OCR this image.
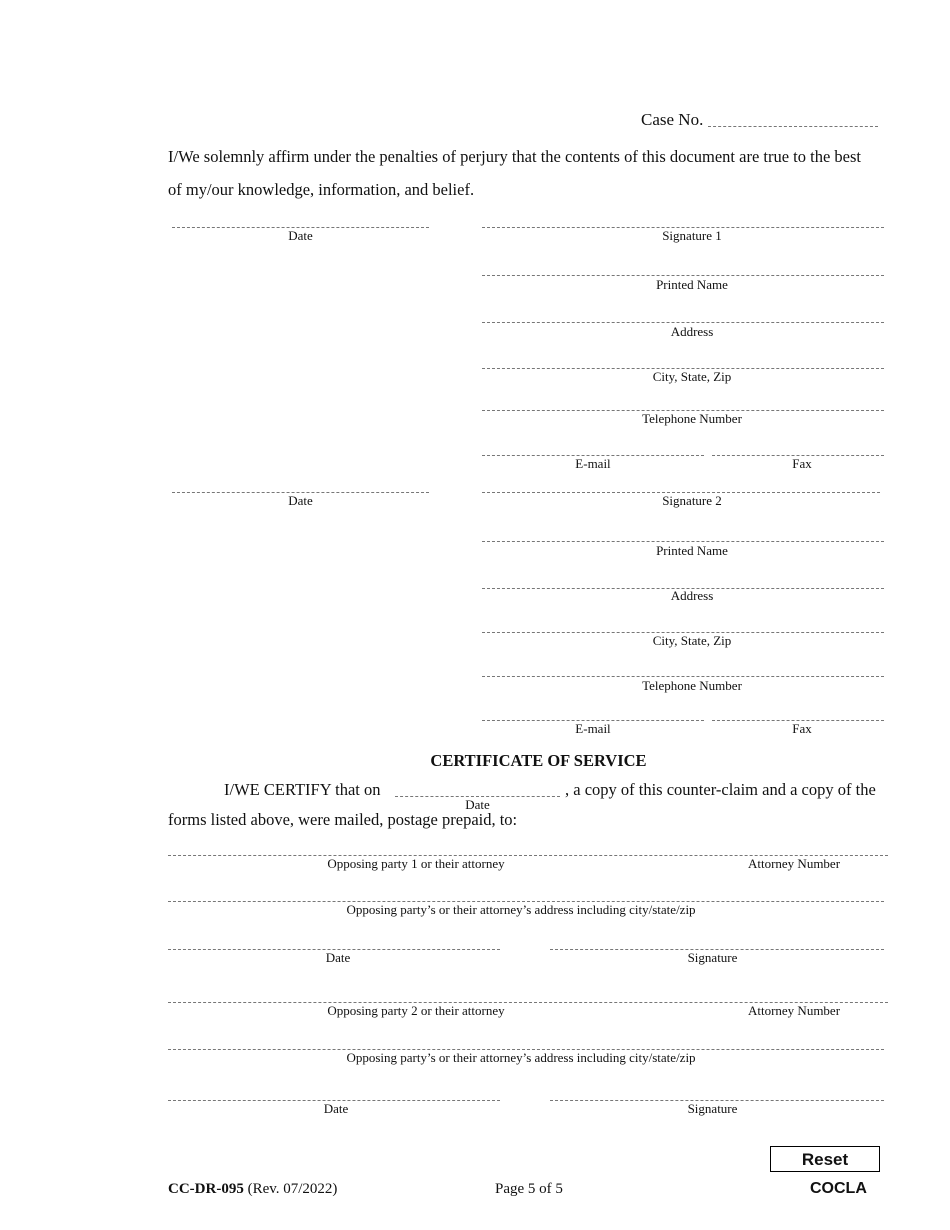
Case No.
I/We solemnly affirm under the penalties of perjury that the contents of this document are true to the best
of my/our knowledge, information, and belief.
Date	Signature 1
Printed Name
Address
City, State, Zip
Telephone Number
E-mail	Fax
Date	Signature 2
Printed Name
Address
City, State, Zip
Telephone Number
E-mail	Fax
CERTIFICATE OF SERVICE
I/WE CERTIFY that on
Date
, a copy of this counter-claim and a copy of the
forms listed above, were mailed, postage prepaid, to:
Opposing party 1 or their attorney	Attorney Number
Opposing party’s or their attorney’s address including city/state/zip
Date	Signature
Opposing party 2 or their attorney	Attorney Number
Opposing party’s or their attorney’s address including city/state/zip
Date	Signature
Reset
CC-DR-095 (Rev. 07/2022)	Page 5 of 5	COCLA
